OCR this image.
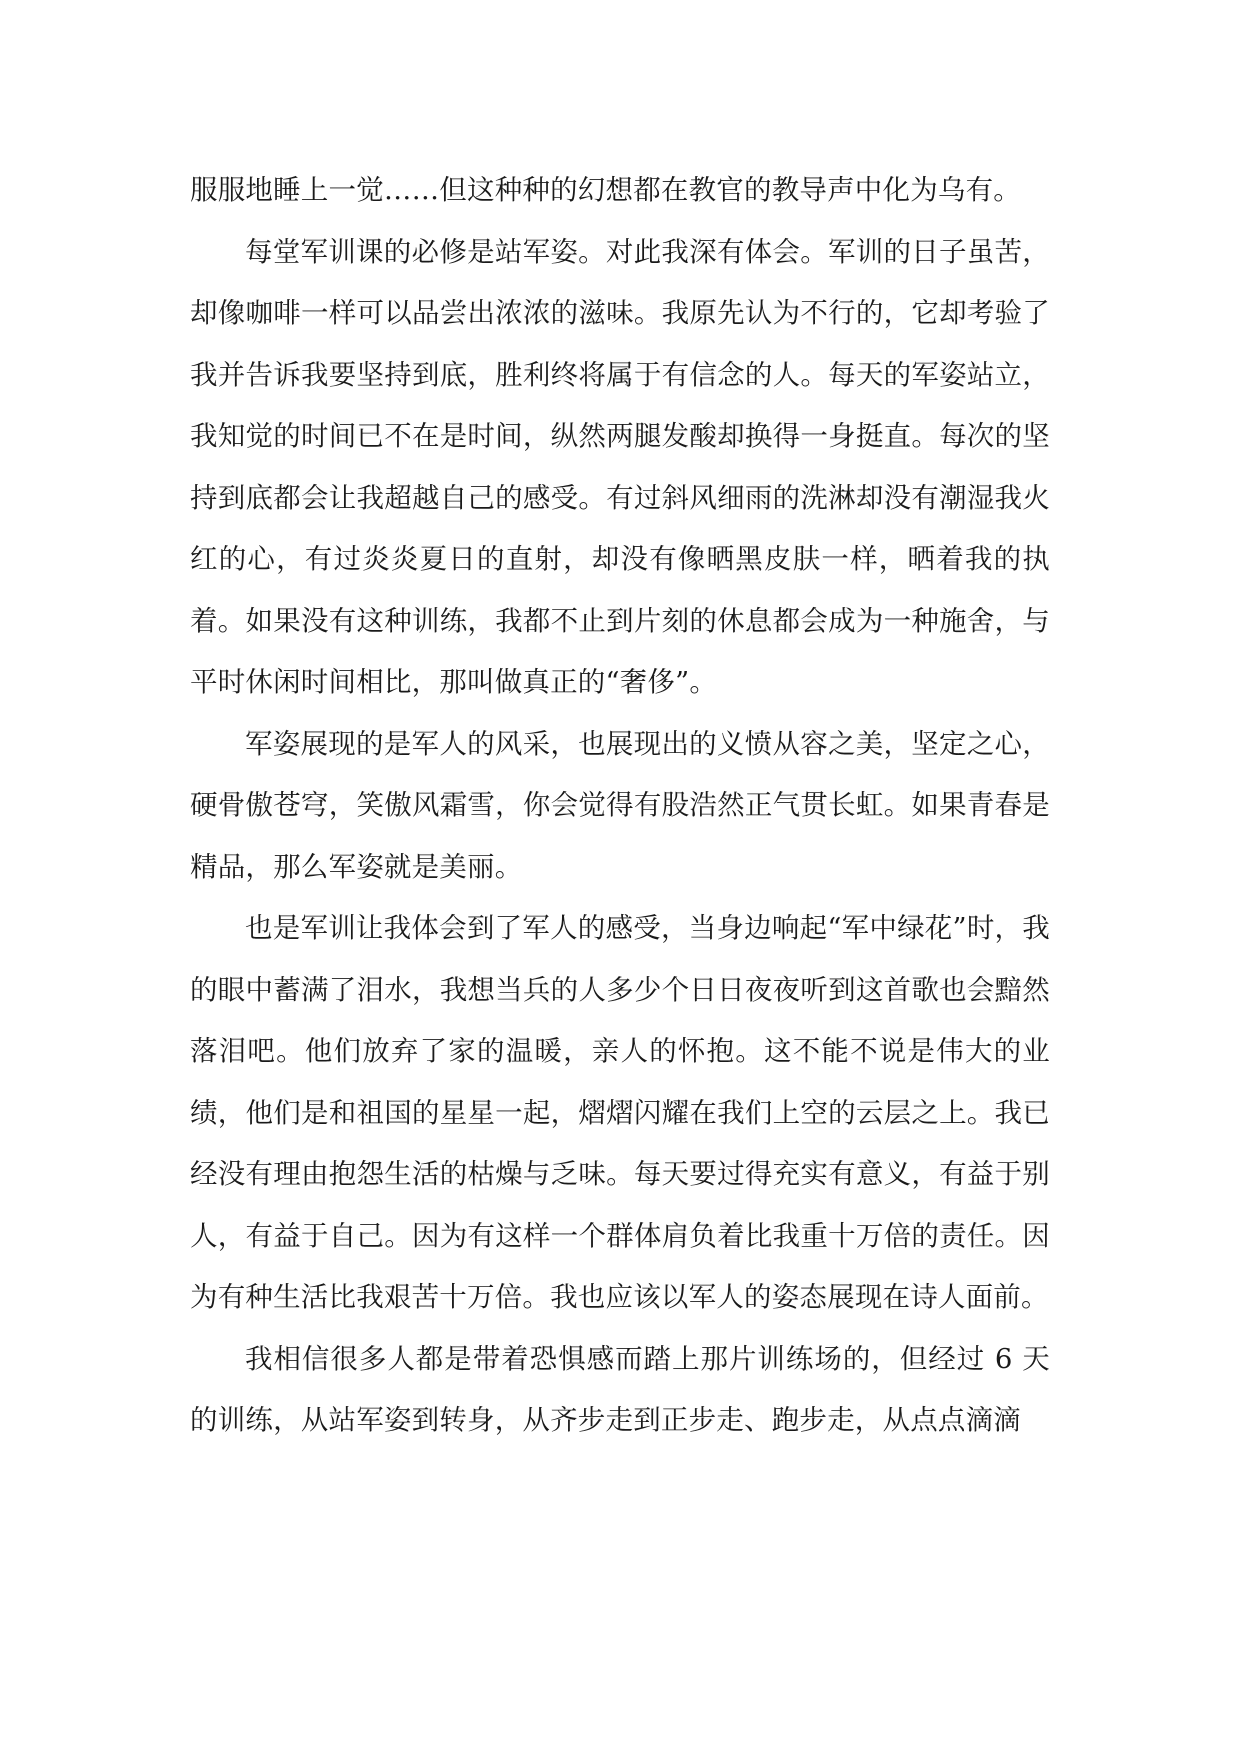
服服地睡上一觉……但这种种的幻想都在教官的教导声中化为乌有。

每堂军训课的必修是站军姿。对此我深有体会。军训的日子虽苦，却像咖啡一样可以品尝出浓浓的滋味。我原先认为不行的，它却考验了我并告诉我要坚持到底，胜利终将属于有信念的人。每天的军姿站立，我知觉的时间已不在是时间，纵然两腿发酸却换得一身挺直。每次的坚持到底都会让我超越自己的感受。有过斜风细雨的洗淋却没有潮湿我火红的心，有过炎炎夏日的直射，却没有像晒黑皮肤一样，晒着我的执着。如果没有这种训练，我都不止到片刻的休息都会成为一种施舍，与平时休闲时间相比，那叫做真正的“奢侈”。

军姿展现的是军人的风采，也展现出的义愤从容之美，坚定之心，硬骨傲苍穹，笑傲风霜雪，你会觉得有股浩然正气贯长虹。如果青春是精品，那么军姿就是美丽。

也是军训让我体会到了军人的感受，当身边响起“军中绿花”时，我的眼中蓄满了泪水，我想当兵的人多少个日日夜夜听到这首歌也会黯然落泪吧。他们放弃了家的温暖，亲人的怀抱。这不能不说是伟大的业绩，他们是和祖国的星星一起，熠熠闪耀在我们上空的云层之上。我已经没有理由抱怨生活的枯燥与乏味。每天要过得充实有意义，有益于别人，有益于自己。因为有这样一个群体肩负着比我重十万倍的责任。因为有种生活比我艰苦十万倍。我也应该以军人的姿态展现在诗人面前。

我相信很多人都是带着恐惧感而踏上那片训练场的，但经过 6 天的训练，从站军姿到转身，从齐步走到正步走、跑步走，从点点滴滴
